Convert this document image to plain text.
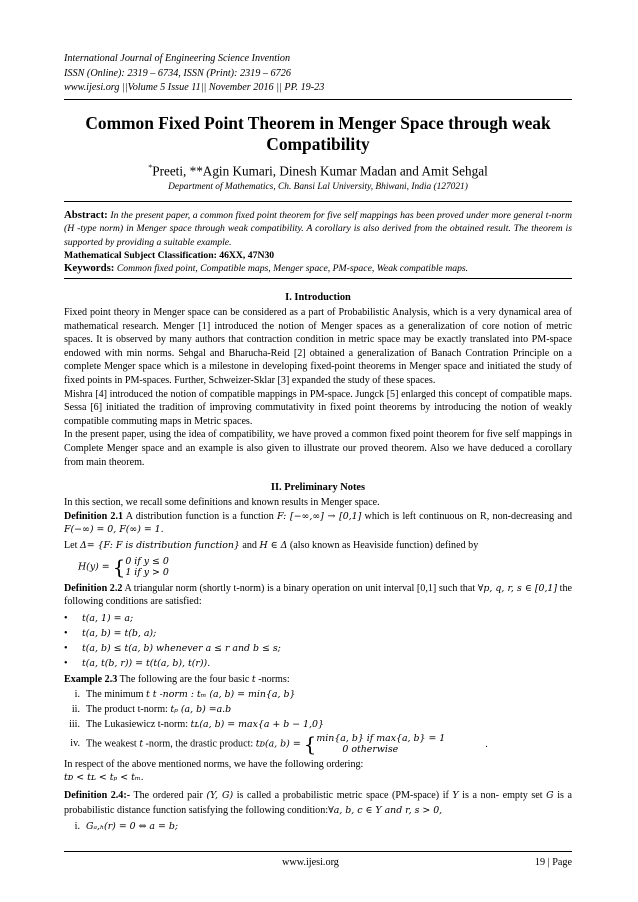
International Journal of Engineering Science Invention
ISSN (Online): 2319 – 6734, ISSN (Print): 2319 – 6726
www.ijesi.org ||Volume 5 Issue 11|| November 2016 || PP. 19-23
Common Fixed Point Theorem in Menger Space through weak Compatibility
*Preeti, **Agin Kumari, Dinesh Kumar Madan and Amit Sehgal
Department of Mathematics, Ch. Bansi Lal University, Bhiwani, India (127021)
Abstract: In the present paper, a common fixed point theorem for five self mappings has been proved under more general t-norm (H -type norm) in Menger space through weak compatibility. A corollary is also derived from the obtained result. The theorem is supported by providing a suitable example.
Mathematical Subject Classification: 46XX, 47N30
Keywords: Common fixed point, Compatible maps, Menger space, PM-space, Weak compatible maps.
I. Introduction

Fixed point theory in Menger space can be considered as a part of Probabilistic Analysis, which is a very dynamical area of mathematical research. Menger [1] introduced the notion of Menger spaces as a generalization of core notion of metric spaces. It is observed by many authors that contraction condition in metric space may be exactly translated into PM-space endowed with min norms. Sehgal and Bharucha-Reid [2] obtained a generalization of Banach Contration Principle on a complete Menger space which is a milestone in developing fixed-point theorems in Menger space and initiated the study of fixed points in PM-spaces. Further, Schweizer-Sklar [3] expanded the study of these spaces.

Mishra [4] introduced the notion of compatible mappings in PM-space. Jungck [5] enlarged this concept of compatible maps. Sessa [6] initiated the tradition of improving commutativity in fixed point theorems by introducing the notion of weakly compatible commuting maps in Metric spaces.

In the present paper, using the idea of compatibility, we have proved a common fixed point theorem for five self mappings in Complete Menger space and an example is also given to illustrate our proved theorem. Also we have deduced a corollary from main theorem.

II. Preliminary Notes

In this section, we recall some definitions and known results in Menger space.

Definition 2.1 A distribution function is a function F: [−∞,∞] → [0,1] which is left continuous on R, non-decreasing and F(−∞) = 0, F(∞) = 1.

Let Δ= {F: F is distribution function} and H ∈ Δ (also known as Heaviside function) defined by

H(y) = {0 if y ≤ 0
1 if y > 0

Definition 2.2 A triangular norm (shortly t-norm) is a binary operation on unit interval [0,1] such that ∀p, q, r, s ∈ [0,1] the following conditions are satisfied:

• t(a, 1) = a;
• t(a, b) = t(b, a);
• t(a, b) ≤ t(a, b) whenever a ≤ r and b ≤ s;
• t(a, t(b, r)) = t(t(a, b), t(r)).

Example 2.3 The following are the four basic t -norms:

i. The minimum t t -norm : tₘ (a, b) = min{a, b}
ii. The product t-norm: tₚ (a, b) =a.b
iii. The Lukasiewicz t-norm: tʟ(a, b) = max{a + b − 1,0}
iv. The weakest t -norm, the drastic product: tᴅ(a, b) = {min{a, b} if max{a, b} = 1
0 otherwise.

In respect of the above mentioned norms, we have the following ordering:

tᴅ < tʟ < tₚ < tₘ.

Definition 2.4:- The ordered pair (Y, G) is called a probabilistic metric space (PM-space) if Y is a non- empty set G is a probabilistic distance function satisfying the following condition:∀a, b, c ∈ Y and r, s > 0,

i. Gₐ,ₕ(r) = 0 ⇔ a = b;
www.ijesi.org	19 | Page
